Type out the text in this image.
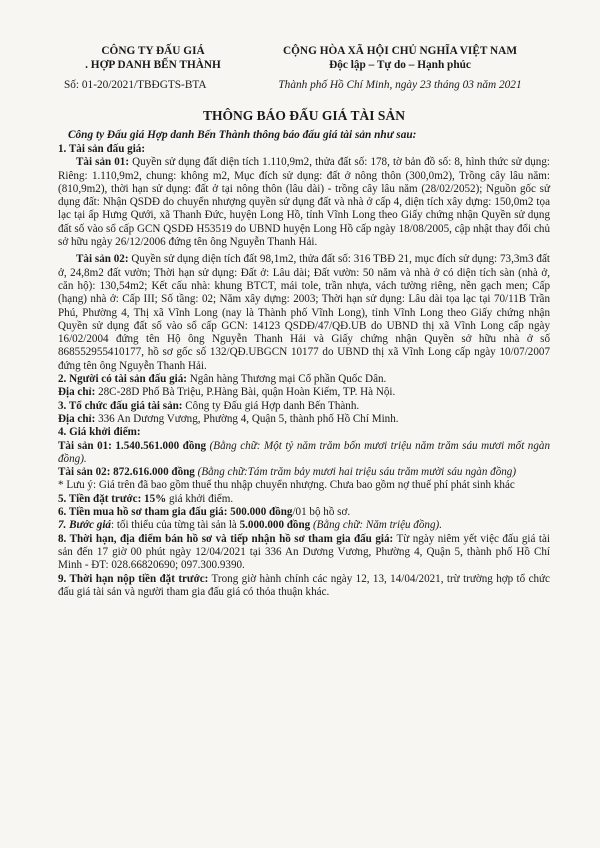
CÔNG TY ĐẤU GIÁ
. HỢP DANH BẾN THÀNH
Số: 01-20/2021/TBĐGTS-BTA
CỘNG HÒA XÃ HỘI CHỦ NGHĨA VIỆT NAM
Độc lập – Tự do – Hạnh phúc
Thành phố Hồ Chí Minh, ngày 23 tháng 03 năm 2021
THÔNG BÁO ĐẤU GIÁ TÀI SẢN
Công ty Đấu giá Hợp danh Bến Thành thông báo đấu giá tài sản như sau:

1. Tài sản đấu giá:

Tài sản 01: Quyền sử dụng đất diện tích 1.110,9m2, thửa đất số: 178, tờ bản đồ số: 8, hình thức sử dụng: Riêng: 1.110,9m2, chung: không m2, Mục đích sử dụng: đất ở nông thôn (300,0m2), Trồng cây lâu năm: (810,9m2), thời hạn sử dụng: đất ở tại nông thôn (lâu dài) - trồng cây lâu năm (28/02/2052); Nguồn gốc sử dụng đất: Nhận QSDĐ do chuyển nhượng quyền sử dụng đất và nhà ở cấp 4, diện tích xây dựng: 150,0m2 tọa lạc tại ấp Hưng Qưới, xã Thanh Đức, huyện Long Hồ, tỉnh Vĩnh Long theo Giấy chứng nhận Quyền sử dụng đất số vào sổ cấp GCN QSDĐ H53519 do UBND huyện Long Hồ cấp ngày 18/08/2005, cập nhật thay đổi chủ sở hữu ngày 26/12/2006 đứng tên ông Nguyễn Thanh Hải.

Tài sản 02: Quyền sử dụng diện tích đất 98,1m2, thửa đất số: 316 TBĐ 21, mục đích sử dụng: 73,3m3 đất ở, 24,8m2 đất vườn; Thời hạn sử dụng: Đất ở: Lâu dài; Đất vườn: 50 năm và nhà ở có diện tích sàn (nhà ở, căn hộ): 130,54m2; Kết cấu nhà: khung BTCT, mái tole, trần nhựa, vách tường riêng, nền gạch men; Cấp (hạng) nhà ở: Cấp III; Số tầng: 02; Năm xây dựng: 2003; Thời hạn sử dụng: Lâu dài tọa lạc tại 70/11B Trần Phú, Phường 4, Thị xã Vĩnh Long (nay là Thành phố Vĩnh Long), tỉnh Vĩnh Long theo Giấy chứng nhận Quyền sử dụng đất số vào sổ cấp GCN: 14123 QSDĐ/47/QĐ.UB do UBND thị xã Vĩnh Long cấp ngày 16/02/2004 đứng tên Hộ ông Nguyễn Thanh Hải và Giấy chứng nhận Quyền sở hữu nhà ở số 868552955410177, hồ sơ gốc số 132/QĐ.UBGCN 10177 do UBND thị xã Vĩnh Long cấp ngày 10/07/2007 đứng tên ông Nguyễn Thanh Hải.

2. Người có tài sản đấu giá: Ngân hàng Thương mại Cổ phần Quốc Dân.

Địa chỉ: 28C-28D Phố Bà Triệu, P.Hàng Bài, quận Hoàn Kiếm, TP. Hà Nội.

3. Tổ chức đấu giá tài sản: Công ty Đấu giá Hợp danh Bến Thành.

Địa chỉ: 336 An Dương Vương, Phường 4, Quận 5, thành phố Hồ Chí Minh.

4. Giá khởi điểm:

Tài sản 01: 1.540.561.000 đồng (Bằng chữ: Một tỷ năm trăm bốn mươi triệu năm trăm sáu mươi mốt ngàn đồng).

Tài sản 02: 872.616.000 đồng (Bằng chữ:Tám trăm bảy mươi hai triệu sáu trăm mười sáu ngàn đồng)

* Lưu ý: Giá trên đã bao gồm thuế thu nhập chuyển nhượng. Chưa bao gồm nợ thuế phí phát sinh khác

5. Tiền đặt trước: 15% giá khởi điểm.

6. Tiền mua hồ sơ tham gia đấu giá: 500.000 đồng/01 bộ hồ sơ.

7. Bước giá: tối thiểu của từng tài sản là 5.000.000 đồng (Bằng chữ: Năm triệu đồng).

8. Thời hạn, địa điểm bán hồ sơ và tiếp nhận hồ sơ tham gia đấu giá: Từ ngày niêm yết việc đấu giá tài sản đến 17 giờ 00 phút ngày 12/04/2021 tại 336 An Dương Vương, Phường 4, Quận 5, thành phố Hồ Chí Minh - ĐT: 028.66820690; 097.300.9390.

9. Thời hạn nộp tiền đặt trước: Trong giờ hành chính các ngày 12, 13, 14/04/2021, trừ trường hợp tổ chức đấu giá tài sản và người tham gia đấu giá có thỏa thuận khác.
